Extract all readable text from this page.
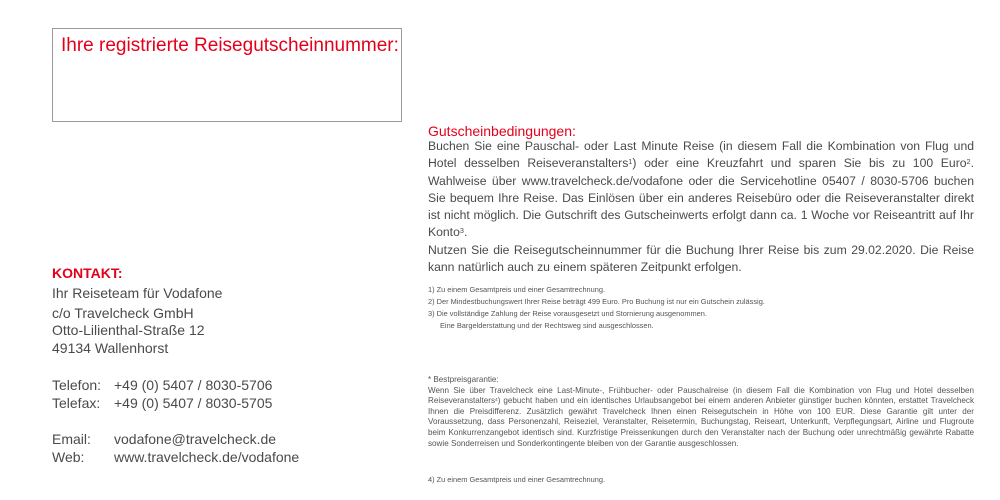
Ihre registrierte Reisegutscheinnummer:
KONTAKT:
Ihr Reiseteam für Vodafone
c/o Travelcheck GmbH
Otto-Lilienthal-Straße 12
49134 Wallenhorst
Telefon: +49 (0) 5407 / 8030-5706
Telefax: +49 (0) 5407 / 8030-5705
Email: vodafone@travelcheck.de
Web: www.travelcheck.de/vodafone
Gutscheinbedingungen:

Buchen Sie eine Pauschal- oder Last Minute Reise (in diesem Fall die Kombination von Flug und Hotel desselben Reiseveranstalters$^1$) oder eine Kreuzfahrt und sparen Sie bis zu 100 Euro$^2$. Wahlweise über www.travelcheck.de/vodafone oder die Servicehotline 05407 / 8030-5706 buchen Sie bequem Ihre Reise. Das Einlösen über ein anderes Reisebüro oder die Reiseveranstalter direkt ist nicht möglich. Die Gutschrift des Gutscheinwerts erfolgt dann ca. 1 Woche vor Reiseantritt auf Ihr Konto$^3$.

Nutzen Sie die Reisegutscheinnummer für die Buchung Ihrer Reise bis zum 29.02.2020. Die Reise kann natürlich auch zu einem späteren Zeitpunkt erfolgen.

1) Zu einem Gesamtpreis und einer Gesamtrechnung.
2) Der Mindestbuchungswert Ihrer Reise beträgt 499 Euro. Pro Buchung ist nur ein Gutschein zulässig.
3) Die vollständige Zahlung der Reise vorausgesetzt und Stornierung ausgenommen.
Eine Bargelderstattung und der Rechtsweg sind ausgeschlossen.

* Bestpreisgarantie:

Wenn Sie über Travelcheck eine Last-Minute-, Frühbucher- oder Pauschalreise (in diesem Fall die Kombination von Flug und Hotel desselben Reiseveranstalters$^4$) gebucht haben und ein identisches Urlaubsangebot bei einem anderen Anbieter günstiger buchen könnten, erstattet Travelcheck Ihnen die Preisdifferenz. Zusätzlich gewährt Travelcheck Ihnen einen Reisegutschein in Höhe von 100 EUR. Diese Garantie gilt unter der Voraussetzung, dass Personenzahl, Reiseziel, Veranstalter, Reisetermin, Buchungstag, Reiseart, Unterkunft, Verpflegungsart, Airline und Flugroute beim Konkurrenzangebot identisch sind. Kurzfristige Preissenkungen durch den Veranstalter nach der Buchung oder unrechtmäßig gewährte Rabatte sowie Sonderreisen und Sonderkontingente bleiben von der Garantie ausgeschlossen.

4) Zu einem Gesamtpreis und einer Gesamtrechnung.
